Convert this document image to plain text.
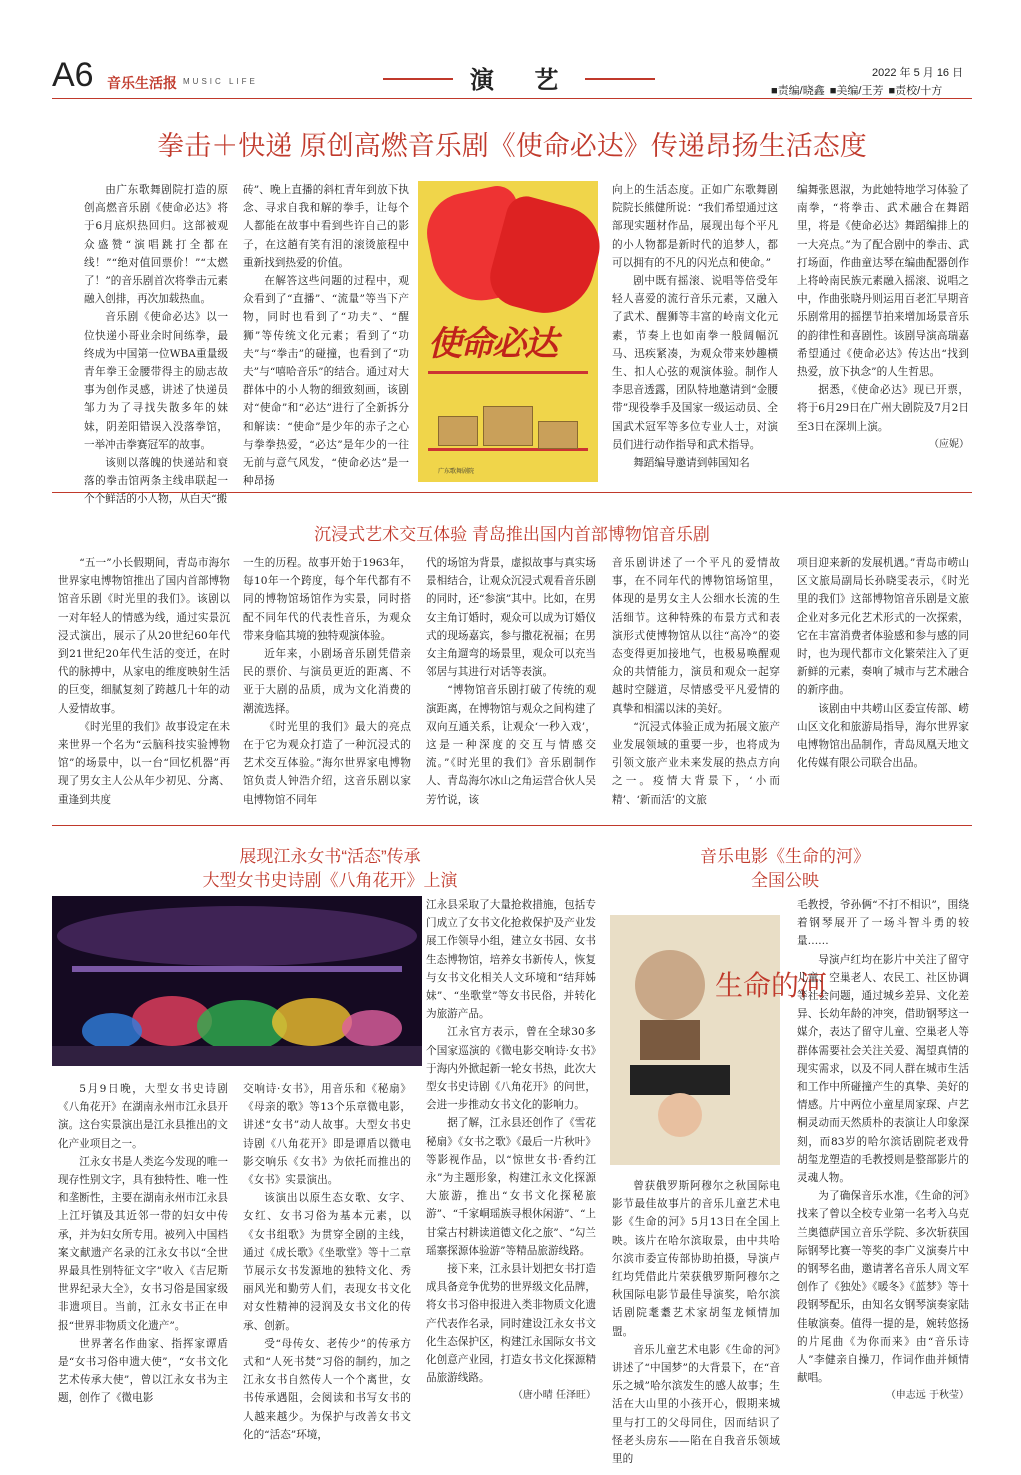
A6 音乐生活报 MUSIC LIFE	演 艺	2022 年 5 月 16 日
■责编/晓鑫 ■美编/王芳 ■责校/十方
拳击＋快递 原创高燃音乐剧《使命必达》传递昂扬生活态度

由广东歌舞剧院打造的原创高燃音乐剧《使命必达》将于6月底炽热回归。这部被观众盛赞“演唱跳打全都在线！”“绝对值回票价！”“太燃了！”的音乐剧首次将拳击元素融入创排，再次加载热血。

音乐剧《使命必达》以一位快递小哥业余时间练拳，最终成为中国第一位WBA重量级青年拳王金腰带得主的励志故事为创作灵感，讲述了快递员邹力为了寻找失散多年的妹妹，阴差阳错误入没落拳馆，一举冲击拳赛冠军的故事。

该则以落魄的快递站和衰落的拳击馆两条主线串联起一个个鲜活的小人物，从白天“搬

砖”、晚上直播的斜杠青年到放下执念、寻求自我和解的拳手，让每个人都能在故事中看到些许自己的影子，在这趟有笑有泪的滚烫旅程中重新找到热爱的价值。

在解答这些问题的过程中，观众看到了“直播”、“流量”等当下产物，同时也看到了“功夫”、“醒狮”等传统文化元素；看到了“功夫”与“拳击”的碰撞，也看到了“功夫”与“嘻哈音乐”的结合。通过对大群体中的小人物的细致刻画，该剧对“使命”和“必达”进行了全新拆分和解读：“使命”是少年的赤子之心与拳拳热爱，“必达”是年少的一往无前与意气风发，“使命必达”是一种昂扬

使命必达
广东歌舞剧院

向上的生活态度。正如广东歌舞剧院院长熊健所说：“我们希望通过这部现实题材作品，展现出每个平凡的小人物都是新时代的追梦人，都可以拥有的不凡的闪光点和使命。”

剧中既有摇滚、说唱等倍受年轻人喜爱的流行音乐元素，又融入了武术、醒狮等丰富的岭南文化元素，节奏上也如南拳一般阔幅沉马、迅疾紧凑，为观众带来妙趣横生、扣人心弦的观演体验。制作人李思音透露，团队特地邀请到“金腰带”现役拳手及国家一级运动员、全国武术冠军等多位专业人士，对演员们进行动作指导和武术指导。

舞蹈编导邀请到韩国知名

编舞张恩淑，为此她特地学习体验了南拳，“将拳击、武术融合在舞蹈里，将是《使命必达》舞蹈编排上的一大亮点。”为了配合剧中的拳击、武打场面，作曲童达琴在编曲配器创作上将岭南民族元素融入摇滚、说唱之中，作曲张晓丹则运用百老汇早期音乐剧常用的摇摆节拍来增加场景音乐的韵律性和喜剧性。该剧导演高瑞嘉希望通过《使命必达》传达出“找到热爱，放下执念”的人生哲思。

据悉，《使命必达》现已开票，将于6月29日在广州大剧院及7月2日至3日在深圳上演。

（应妮）
沉浸式艺术交互体验 青岛推出国内首部博物馆音乐剧

“五一”小长假期间，青岛市海尔世界家电博物馆推出了国内首部博物馆音乐剧《时光里的我们》。该剧以一对年轻人的情感为线，通过实景沉浸式演出，展示了从20世纪60年代到21世纪20年代生活的变迁，在时代的脉搏中，从家电的维度映射生活的巨变，细腻复刻了跨越几十年的动人爱情故事。

《时光里的我们》故事设定在未来世界一个名为“云脑科技实验博物馆”的场景中，以一台“回忆机器”再现了男女主人公从年少初见、分离、重逢到共度

一生的历程。故事开始于1963年，每10年一个跨度，每个年代都有不同的博物馆场馆作为实景，同时搭配不同年代的代表性音乐，为观众带来身临其境的独特观演体验。

近年来，小剧场音乐剧凭借亲民的票价、与演员更近的距离、不亚于大剧的品质，成为文化消费的潮流选择。

《时光里的我们》最大的亮点在于它为观众打造了一种沉浸式的艺术交互体验。”海尔世界家电博物馆负责人钟浩介绍，这音乐剧以家电博物馆不同年

代的场馆为背景，虚拟故事与真实场景相结合，让观众沉浸式观看音乐剧的同时，还“参演”其中。比如，在男女主角订婚时，观众可以成为订婚仪式的现场嘉宾，参与撒花祝福；在男女主角遛弯的场景里，观众可以充当邻居与其进行对话等表演。

“博物馆音乐剧打破了传统的观演距离，在博物馆与观众之间构建了双向互通关系，让观众‘一秒入戏’，这是一种深度的交互与情感交流。”《时光里的我们》音乐剧制作人、青岛海尔冰山之角运营合伙人吴芳竹说，该

音乐剧讲述了一个平凡的爱情故事，在不同年代的博物馆场馆里，体现的是男女主人公细水长流的生活细节。这种特殊的布景方式和表演形式使博物馆从以往“高冷”的姿态变得更加接地气，也极易唤醒观众的共情能力，演员和观众一起穿越时空隧道，尽情感受平凡爱情的真挚和相濡以沫的美好。

“沉浸式体验正成为拓展文旅产业发展领域的重要一步，也将成为引领文旅产业未来发展的热点方向之一。疫情大背景下，‘小而精’、‘新而活’的文旅

项目迎来新的发展机遇。”青岛市崂山区文旅局副局长孙晓雯表示，《时光里的我们》这部博物馆音乐剧是文旅企业对多元化艺术形式的一次探索，它在丰富消费者体验感和参与感的同时，也为现代都市文化繁荣注入了更新鲜的元素，奏响了城市与艺术融合的新序曲。

该剧由中共崂山区委宣传部、崂山区文化和旅游局指导，海尔世界家电博物馆出品制作，青岛凤凰天地文化传媒有限公司联合出品。

展现江永女书“活态”传承
大型女书史诗剧《八角花开》上演

5月9日晚，大型女书史诗剧《八角花开》在湖南永州市江永县开演。这台实景演出是江永县推出的文化产业项目之一。

江永女书是人类迄今发现的唯一现存性别文字，具有独特性、唯一性和垄断性，主要在湖南永州市江永县上江圩镇及其近邻一带的妇女中传承，并为妇女所专用。被列入中国档案文献遗产名录的江永女书以“全世界最具性别特征文字”收入《吉尼斯世界纪录大全》，女书习俗是国家级非遗项目。当前，江永女书正在申报“世界非物质文化遗产”。

世界著名作曲家、指挥家谭盾是“女书习俗申遗大使”，“女书文化艺术传承大使”，曾以江永女书为主题，创作了《微电影

交响诗·女书》，用音乐和《秘扇》《母亲的歌》等13个乐章微电影，讲述“女书”动人故事。大型女书史诗剧《八角花开》即是谭盾以微电影交响乐《女书》为依托而推出的《女书》实景演出。

该演出以原生态女歌、女字、女红、女书习俗为基本元素，以《女书组歌》为贯穿全剧的主线，通过《成长歌》《坐歌堂》等十二章节展示女书发源地的独特文化、秀丽风光和勤劳人们，表现女书文化对女性精神的浸润及女书文化的传承、创新。

受“母传女、老传少”的传承方式和“人死书焚”习俗的制约，加之江永女书自然传人一个个离世，女书传承遇阻，会阅读和书写女书的人越来越少。为保护与改善女书文化的“活态”环境，

江永县采取了大量抢救措施，包括专门成立了女书文化抢救保护及产业发展工作领导小组，建立女书园、女书生态博物馆，培养女书新传人，恢复与女书文化相关人文环境和“结拜姊妹”、“坐歌堂”等女书民俗，并转化为旅游产品。

江永官方表示，曾在全球30多个国家巡演的《微电影交响诗·女书》于海内外掀起新一轮女书热，此次大型女书史诗剧《八角花开》的问世，会进一步推动女书文化的影响力。

据了解，江永县还创作了《雪花秘扇》《女书之歌》《最后一片秋叶》等影视作品，以“惊世女书·香约江永”为主题形象，构建江永文化探源大旅游，推出“女书文化探秘旅游”、“千家峒瑶族寻根休闲游”、“上甘棠古村耕读道德文化之旅”、“勾兰瑶寨探源体验游”等精品旅游线路。

接下来，江永县计划把女书打造成具备竞争优势的世界级文化品牌，将女书习俗申报进入类非物质文化遗产代表作名录，同时建设江永女书文化生态保护区，构建江永国际女书文化创意产业园，打造女书文化探源精品旅游线路。

（唐小晴 任泽旺）
音乐电影《生命的河》
全国公映
生命的河

曾获俄罗斯阿穆尔之秋国际电影节最佳故事片的音乐儿童艺术电影《生命的河》5月13日在全国上映。该片在哈尔滨取景，由中共哈尔滨市委宣传部协助拍摄，导演卢红均凭借此片荣获俄罗斯阿穆尔之秋国际电影节最佳导演奖，哈尔滨话剧院耄耋艺术家胡玺龙倾情加盟。

音乐儿童艺术电影《生命的河》讲述了“中国梦”的大背景下，在“音乐之城”哈尔滨发生的感人故事；生活在大山里的小孩开心，假期来城里与打工的父母同住，因而结识了怪老头房东——陷在自我音乐领域里的

毛教授，爷孙俩“不打不相识”，围绕着钢琴展开了一场斗智斗勇的较量……

导演卢红均在影片中关注了留守儿童、空巢老人、农民工、社区协调等社会问题，通过城乡差异、文化差异、长幼年龄的冲突，借助钢琴这一媒介，表达了留守儿童、空巢老人等群体需要社会关注关爱、渴望真情的现实需求，以及不同人群在城市生活和工作中所碰撞产生的真挚、美好的情感。片中两位小童星周家琛、卢艺桐灵动而天然质朴的表演让人印象深刻，而83岁的哈尔滨话剧院老戏骨胡玺龙塑造的毛教授则是整部影片的灵魂人物。

为了确保音乐水准，《生命的河》找来了曾以全校专业第一名考入乌克兰奥德萨国立音乐学院、多次斩获国际钢琴比赛一等奖的李广义演奏片中的钢琴名曲，邀请著名音乐人周文军创作了《独处》《暖冬》《蓝梦》等十段钢琴配乐，由知名女钢琴演奏家陆佳敏演奏。值得一提的是，婉转悠扬的片尾曲《为你而来》由“音乐诗人”李健亲自操刀，作词作曲并倾情献唱。

（申志远 于秋莹）
